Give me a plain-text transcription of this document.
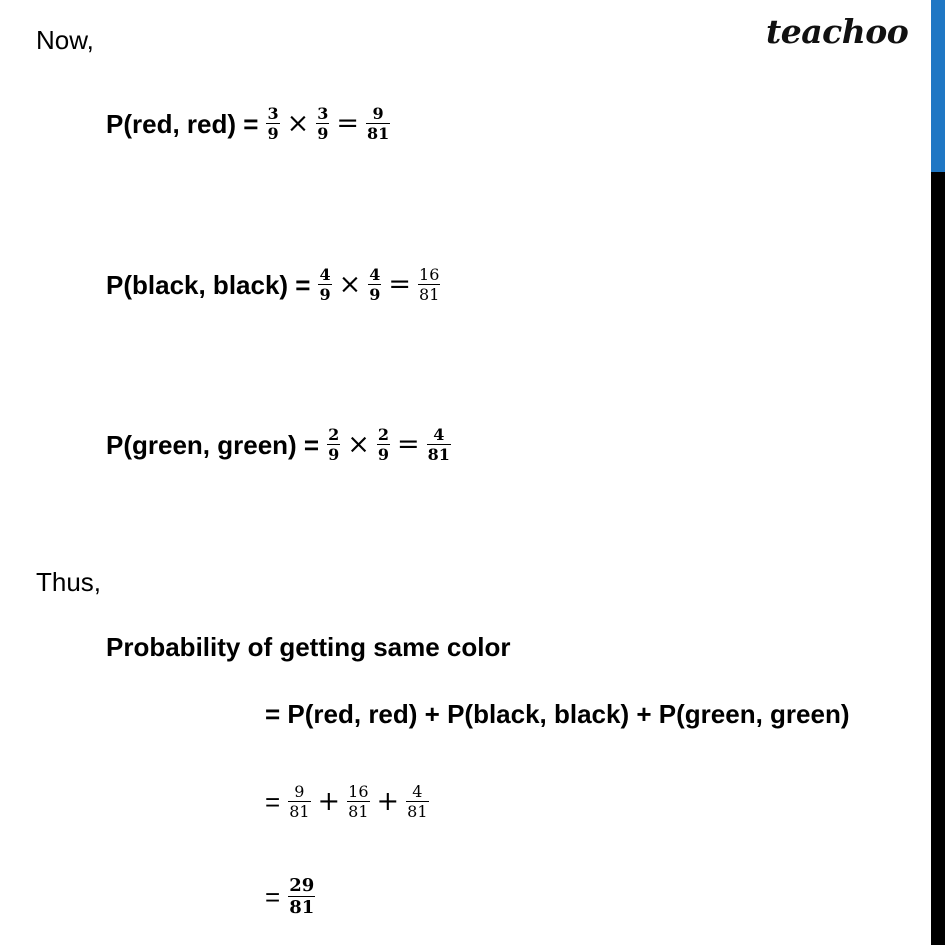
teachoo
Now,
P(red, $red) = \frac{3}{9} \times \frac{3}{9} = \frac{9}{81}$
P(black, black) = $\frac{4}{9} \times \frac{4}{9} = \frac{16}{81}$
P(green, green) = $\frac{2}{9} \times \frac{2}{9} = \frac{4}{81}$
Thus,
Probability of getting same color
= P(red, red) + P(black, black) + P(green, green)
= $\frac{9}{81} + \frac{16}{81} + \frac{4}{81}$
= $\frac{29}{81}$
